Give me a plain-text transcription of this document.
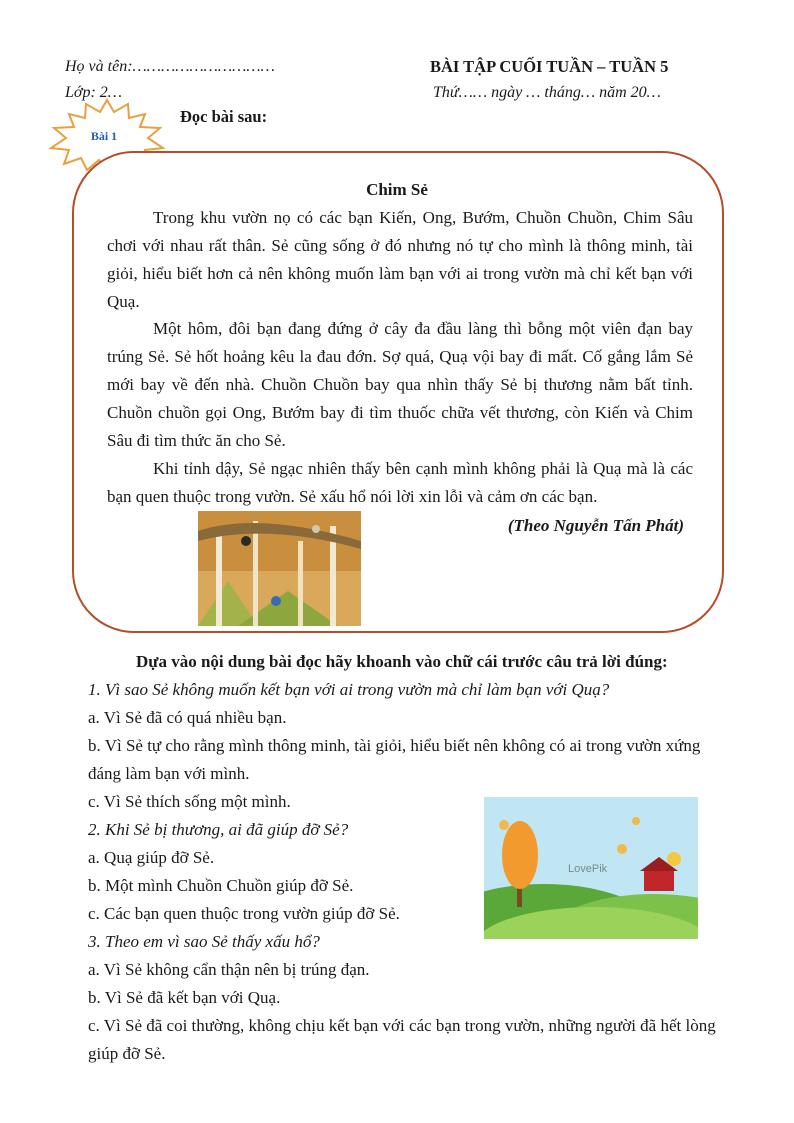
Họ và tên:…………………………
Lớp: 2…
BÀI TẬP CUỐI TUẦN – TUẦN 5
Thứ…… ngày … tháng… năm 20…
Bài 1
Đọc bài sau:
Chim Sẻ

Trong khu vườn nọ có các bạn Kiến, Ong, Bướm, Chuồn Chuồn, Chim Sâu chơi với nhau rất thân. Sẻ cũng sống ở đó nhưng nó tự cho mình là thông minh, tài giỏi, hiểu biết hơn cả nên không muốn làm bạn với ai trong vườn mà chỉ kết bạn với Quạ.

Một hôm, đôi bạn đang đứng ở cây đa đầu làng thì bỗng một viên đạn bay trúng Sẻ. Sẻ hốt hoảng kêu la đau đớn. Sợ quá, Quạ vội bay đi mất. Cố gắng lắm Sẻ mới bay về đến nhà. Chuồn Chuồn bay qua nhìn thấy Sẻ bị thương nằm bất tỉnh. Chuồn chuồn gọi Ong, Bướm bay đi tìm thuốc chữa vết thương, còn Kiến và Chim Sâu đi tìm thức ăn cho Sẻ.

Khi tỉnh dậy, Sẻ ngạc nhiên thấy bên cạnh mình không phải là Quạ mà là các bạn quen thuộc trong vườn. Sẻ xấu hổ nói lời xin lỗi và cảm ơn các bạn.

(Theo Nguyễn Tấn Phát)
Dựa vào nội dung bài đọc hãy khoanh vào chữ cái trước câu trả lời đúng:

1. Vì sao Sẻ không muốn kết bạn với ai trong vườn mà chỉ làm bạn với Quạ?

a. Vì Sẻ đã có quá nhiều bạn.

b. Vì Sẻ tự cho rằng mình thông minh, tài giỏi, hiểu biết nên không có ai trong vườn xứng đáng làm bạn với mình.

c. Vì Sẻ thích sống một mình.

2. Khi Sẻ bị thương, ai đã giúp đỡ Sẻ?

a. Quạ giúp đỡ Sẻ.

b. Một mình Chuồn Chuồn giúp đỡ Sẻ.

c. Các bạn quen thuộc trong vườn giúp đỡ Sẻ.

3. Theo em vì sao Sẻ thấy xấu hổ?

a. Vì Sẻ không cẩn thận nên bị trúng đạn.

b. Vì Sẻ đã kết bạn với Quạ.

c. Vì Sẻ đã coi thường, không chịu kết bạn với các bạn trong vườn, những người đã hết lòng giúp đỡ Sẻ.

LovePik
